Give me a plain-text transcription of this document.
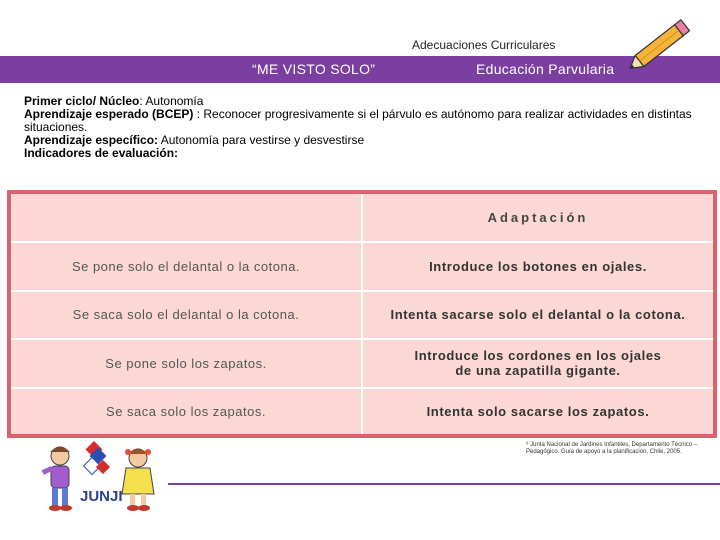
Adecuaciones Curriculares
“ME VISTO SOLO”	Educación Parvularia
Primer ciclo/ Núcleo: Autonomía
Aprendizaje esperado (BCEP) : Reconocer progresivamente si el párvulo es autónomo para realizar actividades en distintas situaciones.
Aprendizaje específico: Autonomía para vestirse y desvestirse
Indicadores de evaluación:
	Adaptación
Se pone solo el delantal o la cotona.	Introduce los botones en ojales.
Se saca solo el delantal o la cotona.	Intenta sacarse solo el delantal o la cotona.
Se pone solo los zapatos.	Introduce los cordones en los ojales
de una zapatilla gigante.

Se saca solo los zapatos.	Intenta solo sacarse los zapatos.
JUNJI
⁶ Junta Nacional de Jardines Infantiles, Departamento Técnico – Pedagógico. Guía de apoyo a la planificación, Chile, 2005.
